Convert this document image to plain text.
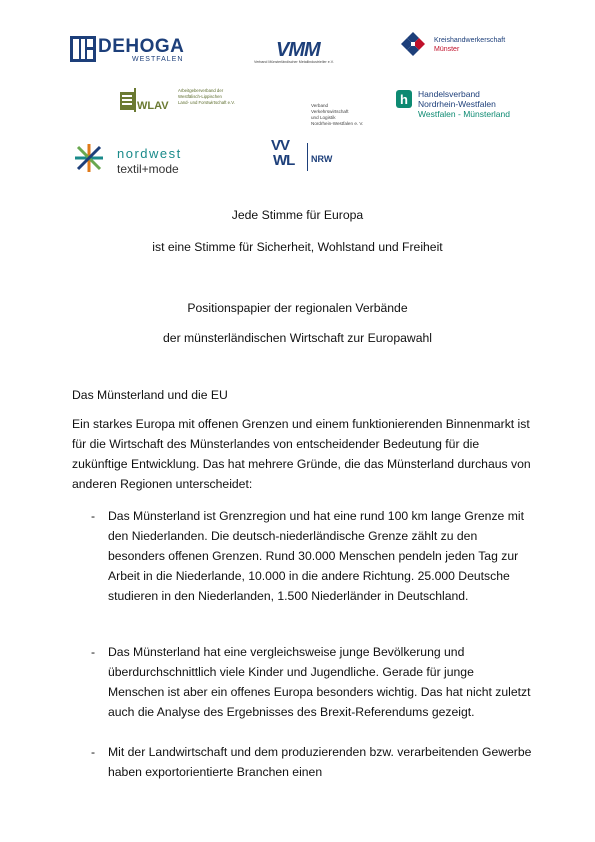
DEHOGA
WESTFALEN	VMM
Verband Münsterländischer Metallindustrieller e.V.
Kreishandwerkerschaft
Münster
WLAV
Arbeitgeberverband der
Westfälisch-Lippischen
Land- und Forstwirtschaft e.V.	h Handelsverband
Nordrhein-Westfalen
Westfalen - Münsterland
Verband
Verkehrswirtschaft
und Logistik
Nordrhein-Westfalen e. V.
VV
WL NRW
nordwest
textil+mode

Jede Stimme für Europa

ist eine Stimme für Sicherheit, Wohlstand und Freiheit

Positionspapier der regionalen Verbände

der münsterländischen Wirtschaft zur Europawahl

Das Münsterland und die EU

Ein starkes Europa mit offenen Grenzen und einem funktionierenden Binnenmarkt ist für die Wirtschaft des Münsterlandes von entscheidender Bedeutung für die zukünftige Entwicklung. Das hat mehrere Gründe, die das Münsterland durchaus von anderen Regionen unterscheidet:

- Das Münsterland ist Grenzregion und hat eine rund 100 km lange Grenze mit den Niederlanden. Die deutsch-niederländische Grenze zählt zu den besonders offenen Grenzen. Rund 30.000 Menschen pendeln jeden Tag zur Arbeit in die Niederlande, 10.000 in die andere Richtung. 25.000 Deutsche studieren in den Niederlanden, 1.500 Niederländer in Deutschland.

- Das Münsterland hat eine vergleichsweise junge Bevölkerung und überdurchschnittlich viele Kinder und Jugendliche. Gerade für junge Menschen ist aber ein offenes Europa besonders wichtig. Das hat nicht zuletzt auch die Analyse des Ergebnisses des Brexit-Referendums gezeigt.

- Mit der Landwirtschaft und dem produzierenden bzw. verarbeitenden Gewerbe haben exportorientierte Branchen einen
